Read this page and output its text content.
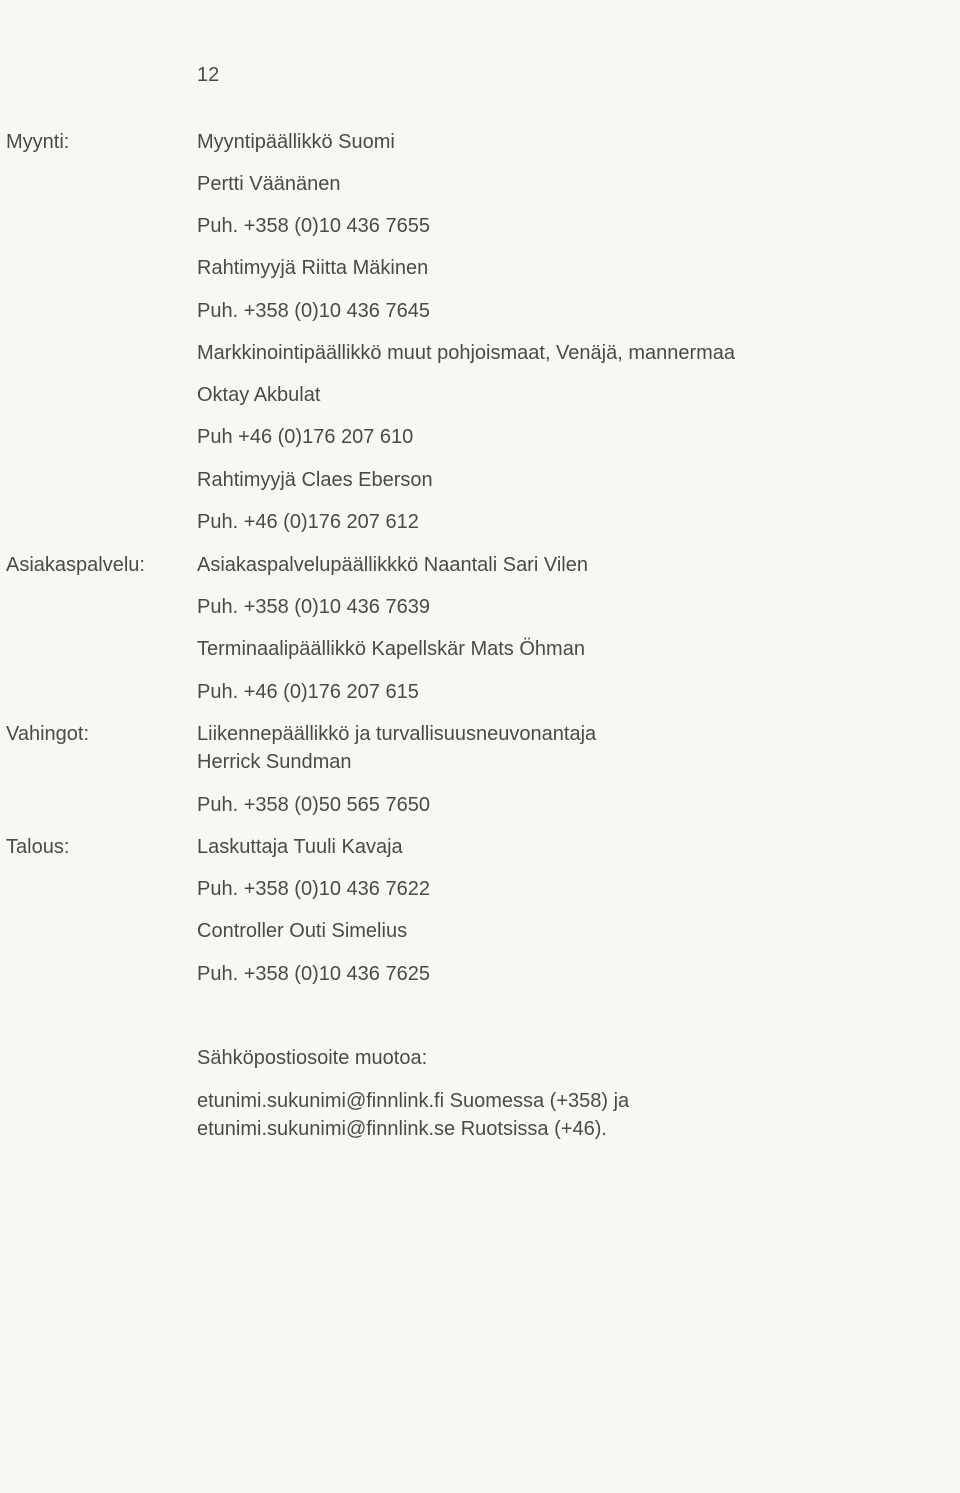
12
Myynti:	Myyntipäällikkö Suomi
Pertti Väänänen
Puh. +358 (0)10 436 7655
Rahtimyyjä Riitta Mäkinen
Puh. +358 (0)10 436 7645
Markkinointipäällikkö muut pohjoismaat, Venäjä, mannermaa
Oktay Akbulat
Puh +46 (0)176 207 610
Rahtimyyjä Claes Eberson
Puh. +46 (0)176 207 612
Asiakaspalvelu:	Asiakaspalvelupäällikkkö Naantali Sari Vilen
Puh. +358 (0)10 436 7639
Terminaalipäällikkö Kapellskär Mats Öhman
Puh. +46 (0)176 207 615
Vahingot:	Liikennepäällikkö ja turvallisuusneuvonantaja
Herrick Sundman
Puh. +358 (0)50 565 7650
Talous:	Laskuttaja Tuuli Kavaja
Puh. +358 (0)10 436 7622
Controller Outi Simelius
Puh. +358 (0)10 436 7625
Sähköpostiosoite muotoa:
etunimi.sukunimi@finnlink.fi Suomessa (+358) ja
etunimi.sukunimi@finnlink.se Ruotsissa (+46).
